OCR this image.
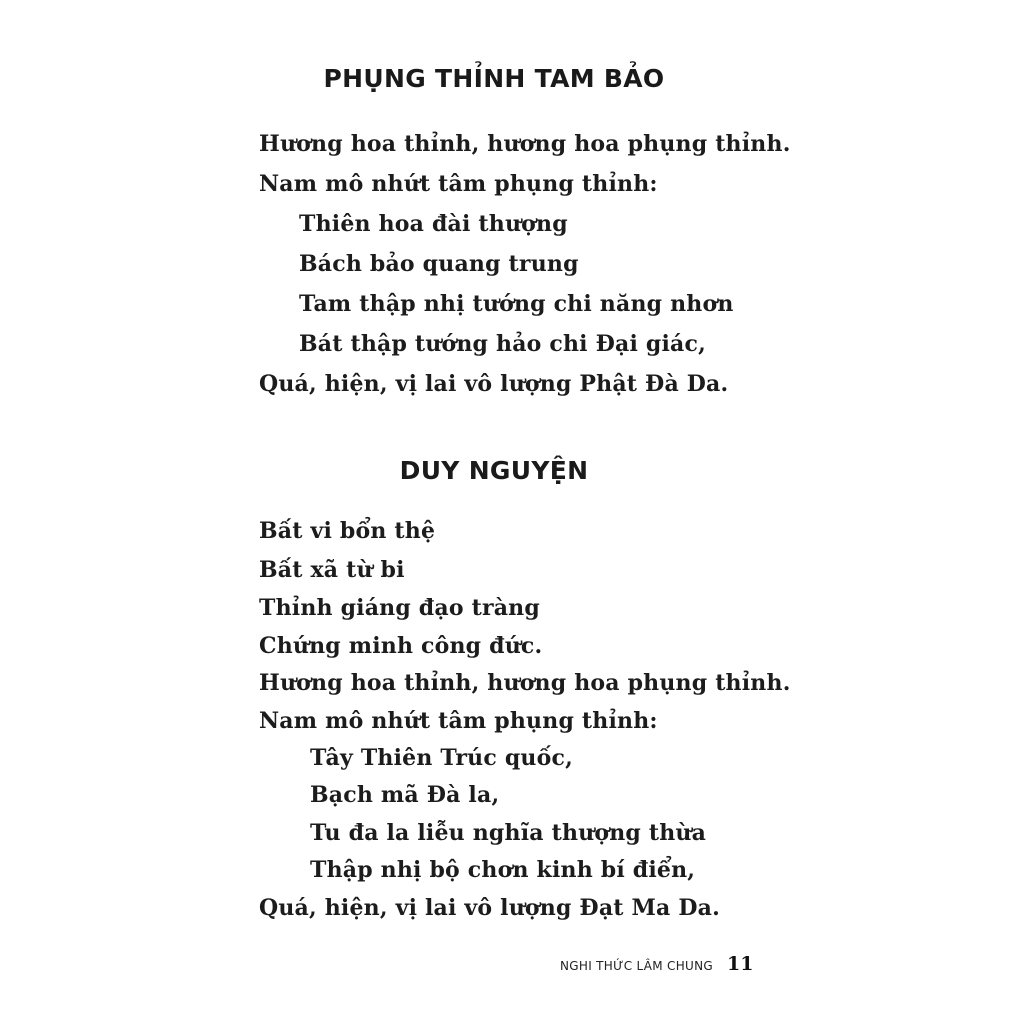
PHỤNG THỈNH TAM BẢO
Hương hoa thỉnh, hương hoa phụng thỉnh.
Nam mô nhứt tâm phụng thỉnh:
Thiên hoa đài thượng
Bách bảo quang trung
Tam thập nhị tướng chi năng nhơn
Bát thập tướng hảo chi Đại giác,
Quá, hiện, vị lai vô lượng Phật Đà Da.
DUY NGUYỆN
Bất vi bổn thệ
Bất xã từ bi
Thỉnh giáng đạo tràng
Chứng minh công đức.
Hương hoa thỉnh, hương hoa phụng thỉnh.
Nam mô nhứt tâm phụng thỉnh:
Tây Thiên Trúc quốc,
Bạch mã Đà la,
Tu đa la liễu nghĩa thượng thừa
Thập nhị bộ chơn kinh bí điển,
Quá, hiện, vị lai vô lượng Đạt Ma Da.
NGHI THỨC LÂM CHUNG 11
